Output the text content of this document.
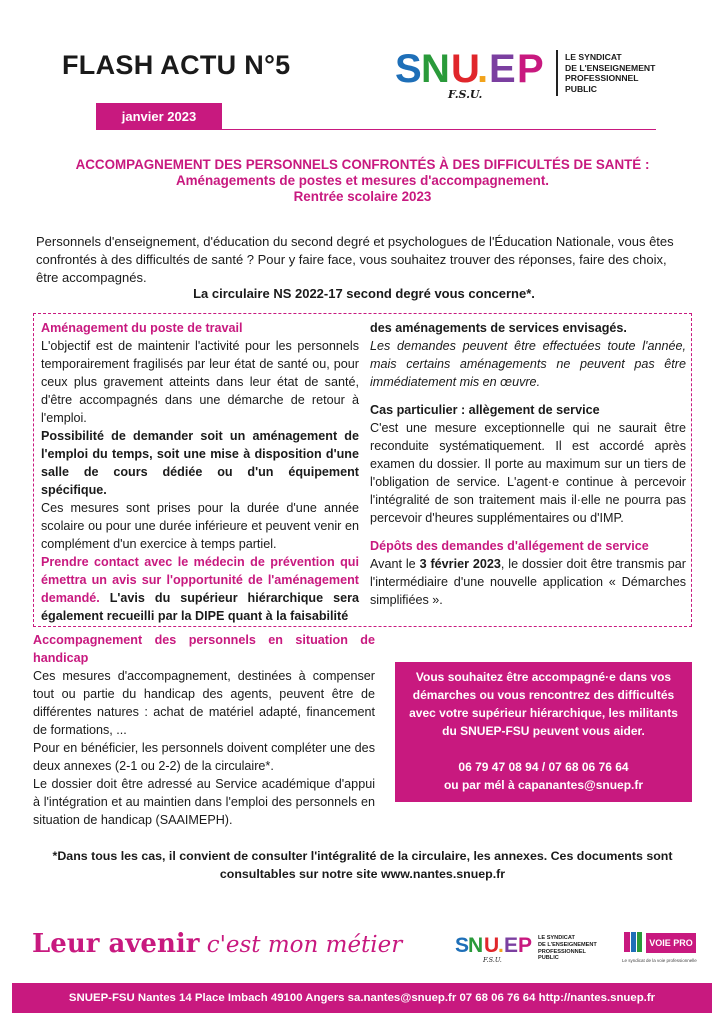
FLASH ACTU N°5
janvier 2023
S N U
. E P
F.S.U.
LE SYNDICAT
DE L'ENSEIGNEMENT
PROFESSIONNEL
PUBLIC
ACCOMPAGNEMENT DES PERSONNELS CONFRONTÉS À DES DIFFICULTÉS DE SANTÉ :
Aménagements de postes et mesures d'accompagnement.
Rentrée scolaire 2023
Personnels d'enseignement, d'éducation du second degré et psychologues de l'Éducation Nationale, vous êtes confrontés à des difficultés de santé ? Pour y faire face, vous souhaitez trouver des réponses, faire des choix, être accompagnés.
La circulaire NS 2022-17 second degré vous concerne*.

Aménagement du poste de travail

L'objectif est de maintenir l'activité pour les personnels temporairement fragilisés par leur état de santé ou, pour ceux plus gravement atteints dans leur état de santé, d'être accompagnés dans une démarche de retour à l'emploi.

Possibilité de demander soit un aménagement de l'emploi du temps, soit une mise à disposition d'une salle de cours dédiée ou d'un équipement spécifique.

Ces mesures sont prises pour la durée d'une année scolaire ou pour une durée inférieure et peuvent venir en complément d'un exercice à temps partiel.

Prendre contact avec le médecin de prévention qui émettra un avis sur l'opportunité de l'aménagement demandé. L'avis du supérieur hiérarchique sera également recueilli par la DIPE quant à la faisabilité

des aménagements de services envisagés.

Les demandes peuvent être effectuées toute l'année, mais certains aménagements ne peuvent pas être immédiatement mis en œuvre.

Cas particulier : allègement de service

C'est une mesure exceptionnelle qui ne saurait être reconduite systématiquement. Il est accordé après examen du dossier. Il porte au maximum sur un tiers de l'obligation de service. L'agent·e continue à percevoir l'intégralité de son traitement mais il·elle ne pourra pas percevoir d'heures supplémentaires ou d'IMP.

Dépôts des demandes d'allégement de service

Avant le 3 février 2023, le dossier doit être transmis par l'intermédiaire d'une nouvelle application « Démarches simplifiées ».

Accompagnement des personnels en situation de handicap

Ces mesures d'accompagnement, destinées à compenser tout ou partie du handicap des agents, peuvent être de différentes natures : achat de matériel adapté, financement de formations, ...

Pour en bénéficier, les personnels doivent compléter une des deux annexes (2-1 ou 2-2) de la circulaire*.

Le dossier doit être adressé au Service académique d'appui à l'intégration et au maintien dans l'emploi des personnels en situation de handicap (SAAIMEPH).

Vous souhaitez être accompagné·e dans vos démarches ou vous rencontrez des difficultés avec votre supérieur hiérarchique, les militants du SNUEP-FSU peuvent vous aider.
06 79 47 08 94 / 07 68 06 76 64
ou par mél à capanantes@snuep.fr
*Dans tous les cas, il convient de consulter l'intégralité de la circulaire, les annexes. Ces documents sont consultables sur notre site www.nantes.snuep.fr
Leur avenir c'est mon métier	S
N U
. E P
F.S.U.
LE SYNDICAT
DE L'ENSEIGNEMENT
PROFESSIONNEL
PUBLIC
VOIE PRO
Le syndicat de la voie professionnelle
SNUEP-FSU Nantes 14 Place Imbach 49100 Angers sa.nantes@snuep.fr 07 68 06 76 64 http://nantes.snuep.fr
